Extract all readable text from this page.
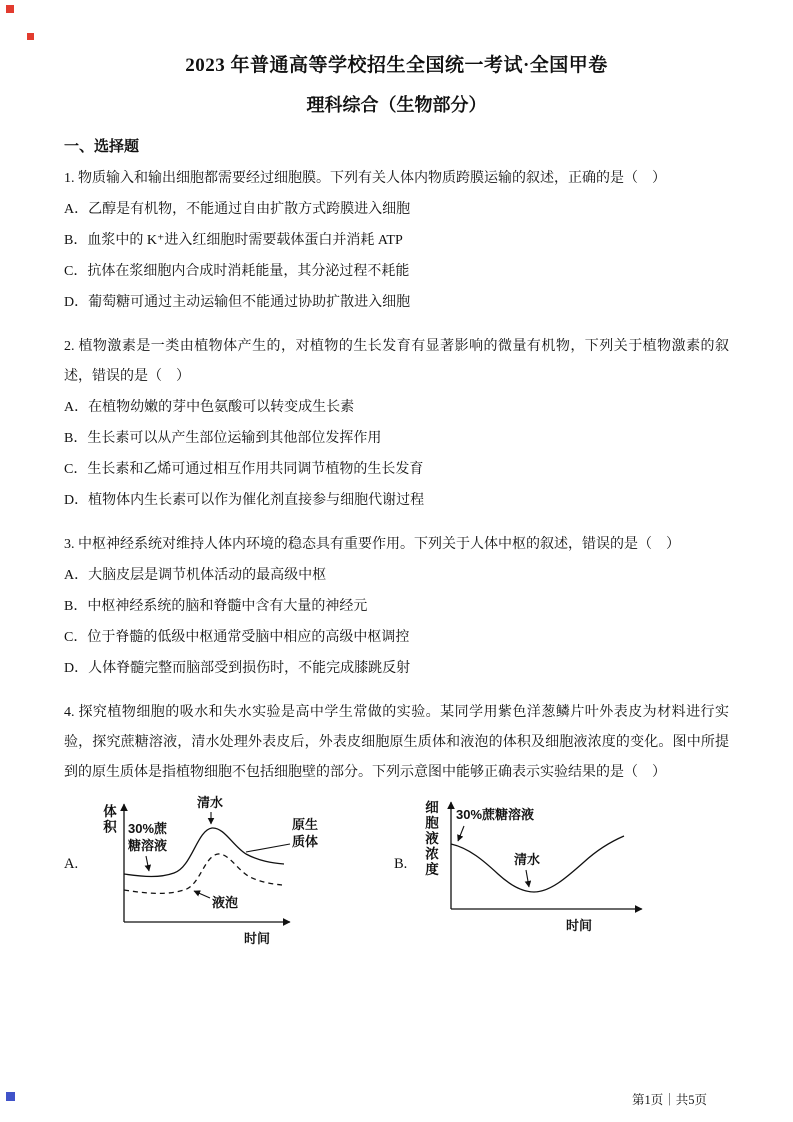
2023 年普通高等学校招生全国统一考试·全国甲卷
理科综合（生物部分）
一、选择题

1. 物质输入和输出细胞都需要经过细胞膜。下列有关人体内物质跨膜运输的叙述，正确的是（　）

A．乙醇是有机物，不能通过自由扩散方式跨膜进入细胞

B．血浆中的 K⁺进入红细胞时需要载体蛋白并消耗 ATP

C．抗体在浆细胞内合成时消耗能量，其分泌过程不耗能

D．葡萄糖可通过主动运输但不能通过协助扩散进入细胞

2. 植物激素是一类由植物体产生的，对植物的生长发育有显著影响的微量有机物，下列关于植物激素的叙述，错误的是（　）

A．在植物幼嫩的芽中色氨酸可以转变成生长素

B．生长素可以从产生部位运输到其他部位发挥作用

C．生长素和乙烯可通过相互作用共同调节植物的生长发育

D．植物体内生长素可以作为催化剂直接参与细胞代谢过程

3. 中枢神经系统对维持人体内环境的稳态具有重要作用。下列关于人体中枢的叙述，错误的是（　）

A．大脑皮层是调节机体活动的最高级中枢

B．中枢神经系统的脑和脊髓中含有大量的神经元

C．位于脊髓的低级中枢通常受脑中相应的高级中枢调控

D．人体脊髓完整而脑部受到损伤时，不能完成膝跳反射

4. 探究植物细胞的吸水和失水实验是高中学生常做的实验。某同学用紫色洋葱鳞片叶外表皮为材料进行实验，探究蔗糖溶液，清水处理外表皮后，外表皮细胞原生质体和液泡的体积及细胞液浓度的变化。图中所提到的原生质体是指植物细胞不包括细胞壁的部分。下列示意图中能够正确表示实验结果的是（　）

A.
体积
时间
清水
30%蔗糖溶液
原生质体
液泡
B. 细胞液浓度
时间
30%蔗糖溶液
清水
第1页｜共5页
